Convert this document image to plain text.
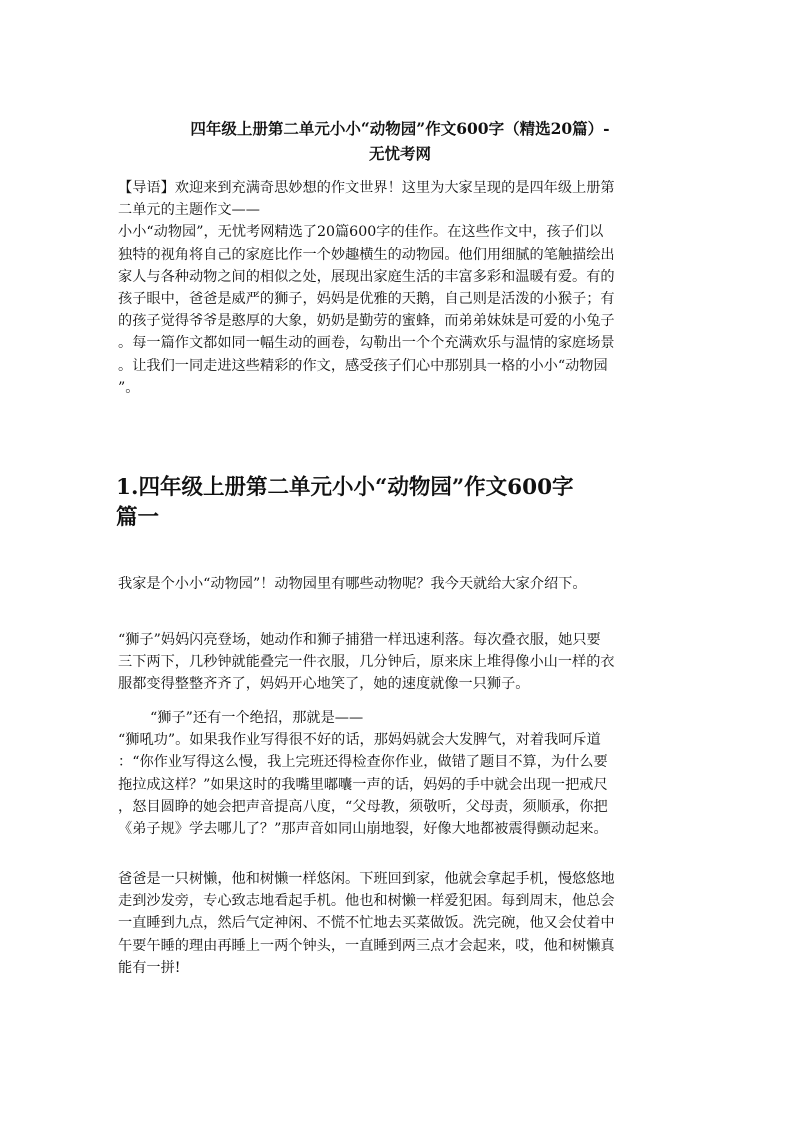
四年级上册第二单元小小“动物园”作文600字（精选20篇）-
无忧考网
【导语】欢迎来到充满奇思妙想的作文世界！这里为大家呈现的是四年级上册第
二单元的主题作文——
小小“动物园”，无忧考网精选了20篇600字的佳作。在这些作文中，孩子们以
独特的视角将自己的家庭比作一个妙趣横生的动物园。他们用细腻的笔触描绘出
家人与各种动物之间的相似之处，展现出家庭生活的丰富多彩和温暖有爱。有的
孩子眼中，爸爸是威严的狮子，妈妈是优雅的天鹅，自己则是活泼的小猴子；有
的孩子觉得爷爷是憨厚的大象，奶奶是勤劳的蜜蜂，而弟弟妹妹是可爱的小兔子
。每一篇作文都如同一幅生动的画卷，勾勒出一个个充满欢乐与温情的家庭场景
。让我们一同走进这些精彩的作文，感受孩子们心中那别具一格的小小“动物园
”。
1.四年级上册第二单元小小“动物园”作文600字
篇一
我家是个小小“动物园”！动物园里有哪些动物呢？我今天就给大家介绍下。
“狮子”妈妈闪亮登场，她动作和狮子捕猎一样迅速利落。每次叠衣服，她只要
三下两下，几秒钟就能叠完一件衣服，几分钟后，原来床上堆得像小山一样的衣
服都变得整整齐齐了，妈妈开心地笑了，她的速度就像一只狮子。
“狮子”还有一个绝招，那就是——
“狮吼功”。如果我作业写得很不好的话，那妈妈就会大发脾气，对着我呵斥道
：“你作业写得这么慢，我上完班还得检查你作业，做错了题目不算，为什么要
拖拉成这样？”如果这时的我嘴里嘟囔一声的话，妈妈的手中就会出现一把戒尺
，怒目圆睁的她会把声音提高八度，“父母教，须敬听，父母责，须顺承，你把
《弟子规》学去哪儿了？”那声音如同山崩地裂，好像大地都被震得颤动起来。
爸爸是一只树懒，他和树懒一样悠闲。下班回到家，他就会拿起手机，慢悠悠地
走到沙发旁，专心致志地看起手机。他也和树懒一样爱犯困。每到周末，他总会
一直睡到九点，然后气定神闲、不慌不忙地去买菜做饭。洗完碗，他又会仗着中
午要午睡的理由再睡上一两个钟头，一直睡到两三点才会起来，哎，他和树懒真
能有一拼!
